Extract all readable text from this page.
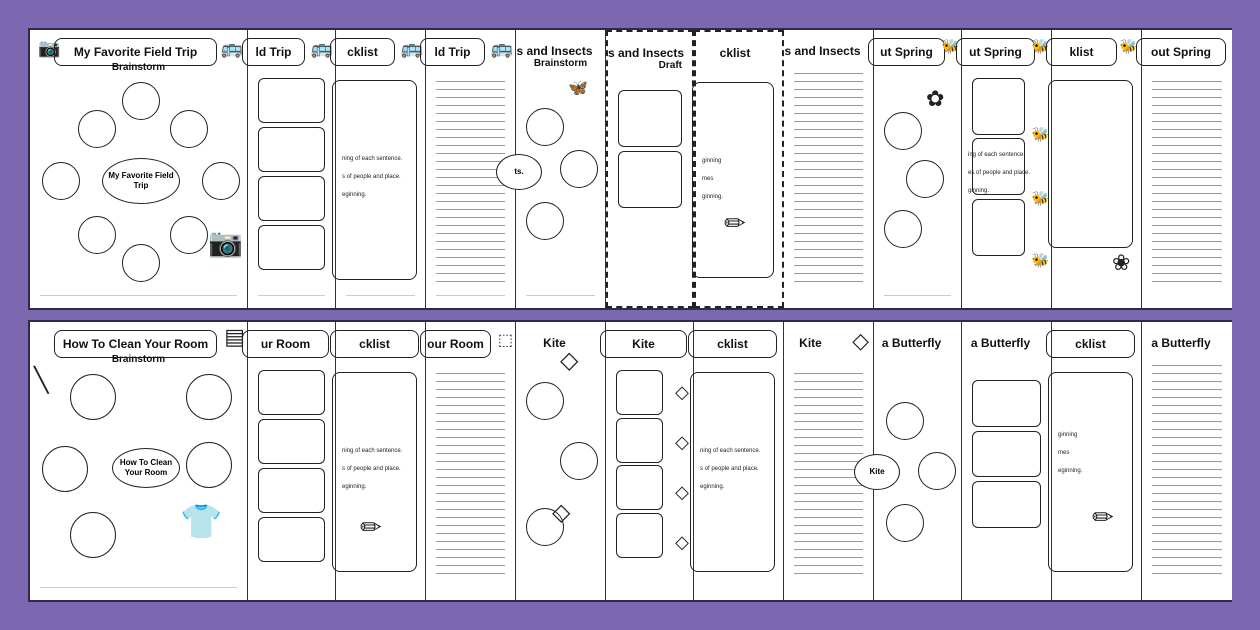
📷	My Favorite Field Trip	🚌
Brainstorm
My Favorite Field Trip
📷
ld Trip	🚌	cklist	🚌
ning of each sentence.
s of people and place.
eginning.
ld Trip	🚌 s and Insects
Brainstorm
ts.
🦋
s and Insects
Draft
cklist
ginning
mes
ginning.
✏
s and Insects	ut Spring 🐝
✿
ut Spring 🐝
ing of each sentence.
es of people and place.
ginning.
🐝
🐝
🐝
klist	🐝
❀
out Spring
How To Clean Your Room
Brainstorm
▤
How To Clean Your Room
╲
👕
ur Room	cklist
ning of each sentence.
s of people and place.
eginning.
✏
our Room ⬚	Kite
◇
◇
Kite
◇
◇
◇
◇
cklist
ning of each sentence.
s of people and place.
eginning.
Kite	◇	a Butterfly
Kite
a Butterfly	cklist
ginning
mes
eginning.
✏
a Butterfly
